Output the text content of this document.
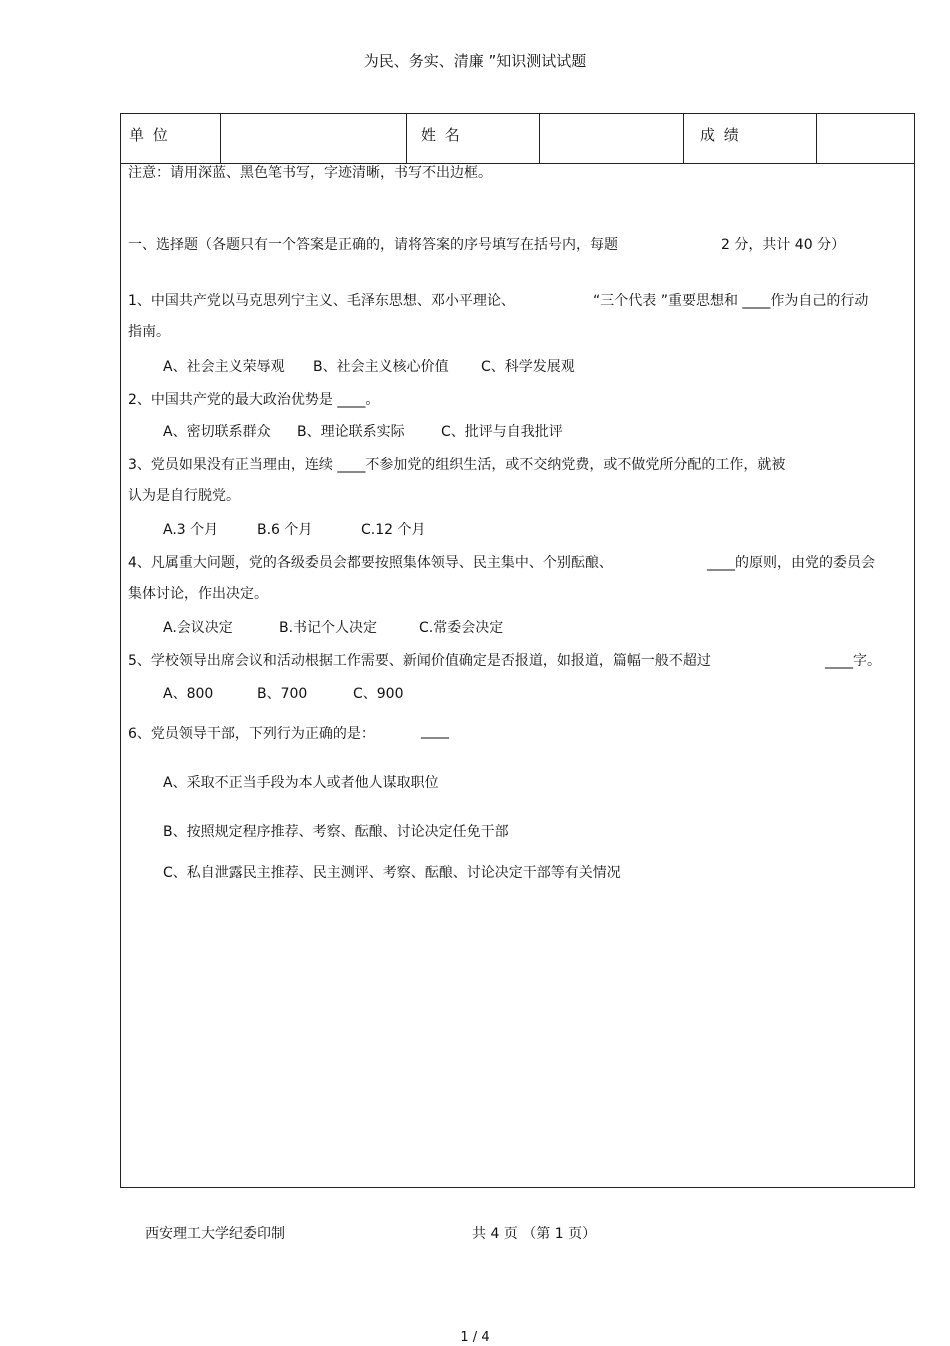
为民、务实、清廉 ”知识测试试题
单 位	姓 名	成 绩
注意：请用深蓝、黑色笔书写，字迹清晰，书写不出边框。
一、选择题（各题只有一个答案是正确的，请将答案的序号填写在括号内，每题	2 分，共计 40 分）
1、中国共产党以马克思列宁主义、毛泽东思想、邓小平理论、	“三个代表 ”重要思想和 ____作为自己的行动
指南。
A、社会主义荣辱观 B、社会主义核心价值 C、科学发展观
2、中国共产党的最大政治优势是 ____。
A、密切联系群众 B、理论联系实际	C、批评与自我批评
3、党员如果没有正当理由，连续 ____不参加党的组织生活，或不交纳党费，或不做党所分配的工作，就被
认为是自行脱党。
A.3 个月	B.6 个月	C.12 个月
4、凡属重大问题，党的各级委员会都要按照集体领导、民主集中、个别酝酿、	____的原则，由党的委员会
集体讨论，作出决定。
A.会议决定	B.书记个人决定	C.常委会决定
5、学校领导出席会议和活动根据工作需要、新闻价值确定是否报道，如报道，篇幅一般不超过	____字。
A、800	B、700	C、900
6、党员领导干部，下列行为正确的是：	____
A、采取不正当手段为本人或者他人谋取职位
B、按照规定程序推荐、考察、酝酿、讨论决定任免干部
C、私自泄露民主推荐、民主测评、考察、酝酿、讨论决定干部等有关情况
西安理工大学纪委印制	共 4 页 （第 1 页）
1 / 4
